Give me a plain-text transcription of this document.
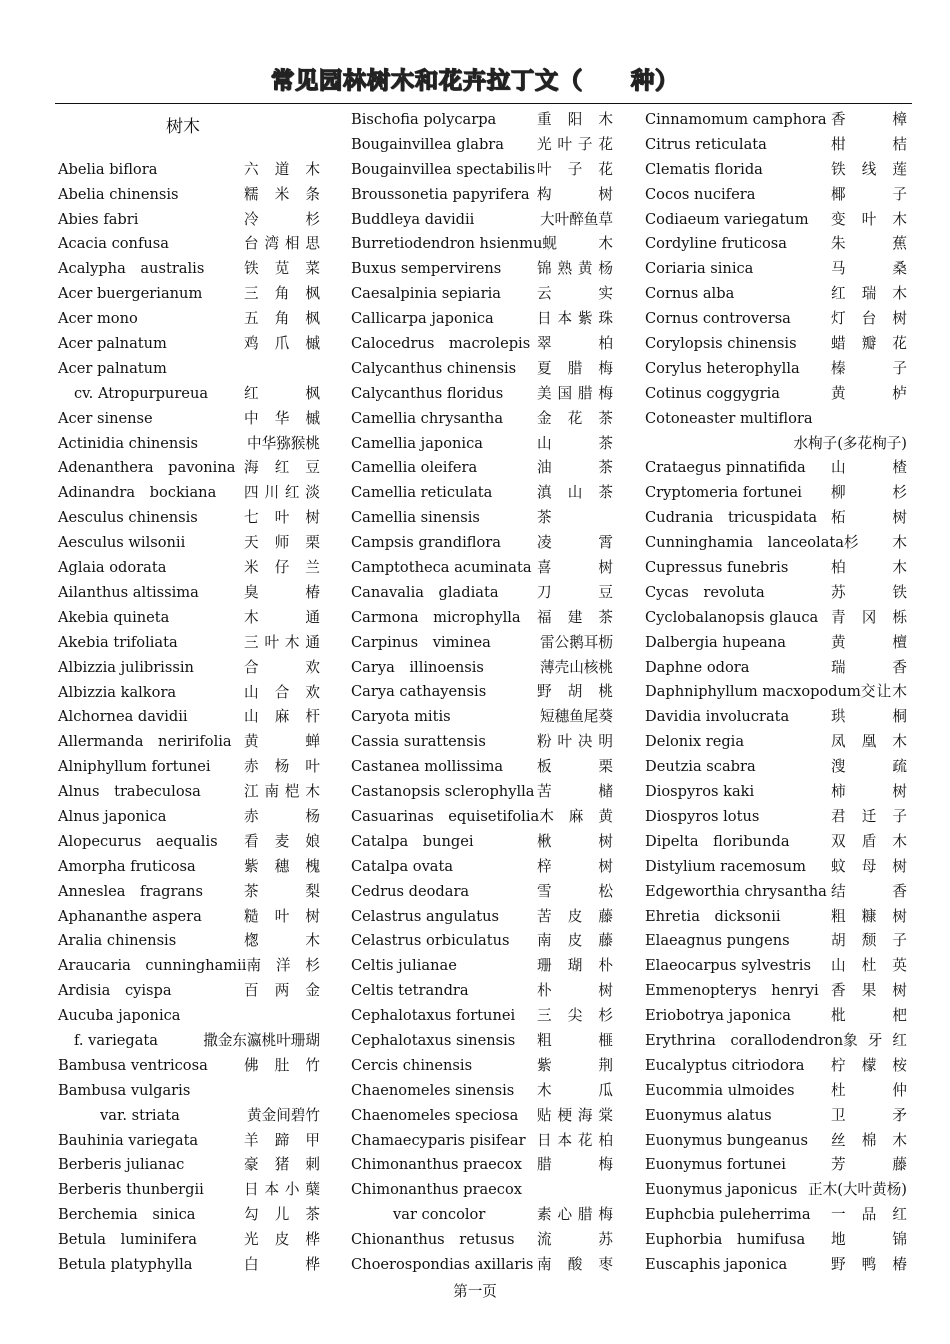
常见园林树木和花卉拉丁文（　　种）
树木
Abelia biflora	六道木
Abelia chinensis	糯米条
Abies fabri	冷杉
Acacia confusa	台湾相思
Acalypha　australis	铁苋菜
Acer buergerianum	三角枫
Acer mono	五角枫
Acer palnatum	鸡爪槭
Acer palnatum
cv. Atropurpureua 红枫
Acer sinense	中华槭
Actinidia chinensis	中华猕猴桃
Adenanthera　pavonina 海红豆
Adinandra　bockiana 四川红淡
Aesculus chinensis	七叶树
Aesculus wilsonii	天师栗
Aglaia odorata	米仔兰
Ailanthus altissima	臭椿
Akebia quineta	木通
Akebia trifoliata	三叶木通
Albizzia julibrissin	合欢
Albizzia kalkora	山合欢
Alchornea davidii	山麻杆
Allermanda　neririfolia 黄蝉
Alniphyllum fortunei 赤杨叶
Alnus　trabeculosa	江南桤木
Alnus japonica	赤杨
Alopecurus　aequalis 看麦娘
Amorpha fruticosa	紫穗槐
Anneslea　fragrans	茶梨
Aphananthe aspera	糙叶树
Aralia chinensis	楤木
Araucaria　cunninghamii 南洋杉
Ardisia　cyispa	百两金
Aucuba japonica
f. variegata	撒金东瀛桃叶珊瑚
Bambusa ventricosa 佛肚竹
Bambusa vulgaris
var. striata	黄金间碧竹
Bauhinia variegata	羊蹄甲
Berberis julianac	豪猪刺
Berberis thunbergii	日本小蘖
Berchemia　sinica	勾儿茶
Betula　luminifera	光皮桦
Betula platyphylla	白桦
Bischofia polycarpa	重阳木
Bougainvillea glabra 光叶子花
Bougainvillea spectabilis 叶子花
Broussonetia papyrifera 构树
Buddleya davidii	大叶醉鱼草
Burretiodendron hsienmu 蚬木
Buxus sempervirens 锦熟黄杨
Caesalpinia sepiaria 云实
Callicarpa japonica	日本紫珠
Calocedrus　macrolepis 翠柏
Calycanthus chinensis 夏腊梅
Calycanthus floridus 美国腊梅
Camellia chrysantha 金花茶
Camellia japonica	山茶
Camellia oleifera	油茶
Camellia reticulata	滇山茶
Camellia sinensis	茶
Campsis grandiflora 凌霄
Camptotheca acuminata 喜树
Canavalia　gladiata	刀豆
Carmona　microphylla 福建茶
Carpinus　viminea	雷公鹅耳枥
Carya　illinoensis	薄壳山核桃
Carya cathayensis	野胡桃
Caryota mitis	短穗鱼尾葵
Cassia surattensis	粉叶决明
Castanea mollissima 板栗
Castanopsis sclerophylla 苦槠
Casuarinas　equisetifolia 木麻黄
Catalpa　bungei	楸树
Catalpa ovata	梓树
Cedrus deodara	雪松
Celastrus angulatus	苦皮藤
Celastrus orbiculatus 南皮藤
Celtis julianae	珊瑚朴
Celtis tetrandra	朴树
Cephalotaxus fortunei 三尖杉
Cephalotaxus sinensis 粗榧
Cercis chinensis	紫荆
Chaenomeles sinensis 木瓜
Chaenomeles speciosa 贴梗海棠
Chamaecyparis pisifear 日本花柏
Chimonanthus praecox 腊梅
Chimonanthus praecox
var concolor	素心腊梅
Chionanthus　retusus 流苏
Choerospondias axillaris 南酸枣
Cinnamomum camphora 香樟
Citrus reticulata	柑桔
Clematis florida	铁线莲
Cocos nucifera	椰子
Codiaeum variegatum 变叶木
Cordyline fruticosa	朱蕉
Coriaria sinica	马桑
Cornus alba	红瑞木
Cornus controversa	灯台树
Corylopsis chinensis 蜡瓣花
Corylus heterophylla 榛子
Cotinus coggygria	黄栌
Cotoneaster multiflora
水栒子(多花栒子)
Crataegus pinnatifida 山楂
Cryptomeria fortunei 柳杉
Cudrania　tricuspidata 柘树
Cunninghamia　lanceolata 杉木
Cupressus funebris	柏木
Cycas　revoluta	苏铁
Cyclobalanopsis glauca 青冈栎
Dalbergia hupeana	黄檀
Daphne odora	瑞香
Daphniphyllum macxopodum 交让木
Davidia involucrata	珙桐
Delonix regia	凤凰木
Deutzia scabra	溲疏
Diospyros kaki	柿树
Diospyros lotus	君迁子
Dipelta　floribunda	双盾木
Distylium racemosum 蚊母树
Edgeworthia chrysantha 结香
Ehretia　dicksonii	粗糠树
Elaeagnus pungens	胡颓子
Elaeocarpus sylvestris 山杜英
Emmenopterys　henryi 香果树
Eriobotrya japonica	枇杷
Erythrina　corallodendron 象牙红
Eucalyptus citriodora 柠檬桉
Eucommia ulmoides 杜仲
Euonymus alatus	卫矛
Euonymus bungeanus 丝棉木
Euonymus fortunei	芳藤
Euonymus japonicus 正木(大叶黄杨)
Euphcbia puleherrima 一品红
Euphorbia　humifusa 地锦
Euscaphis japonica	野鸭椿
第一页
